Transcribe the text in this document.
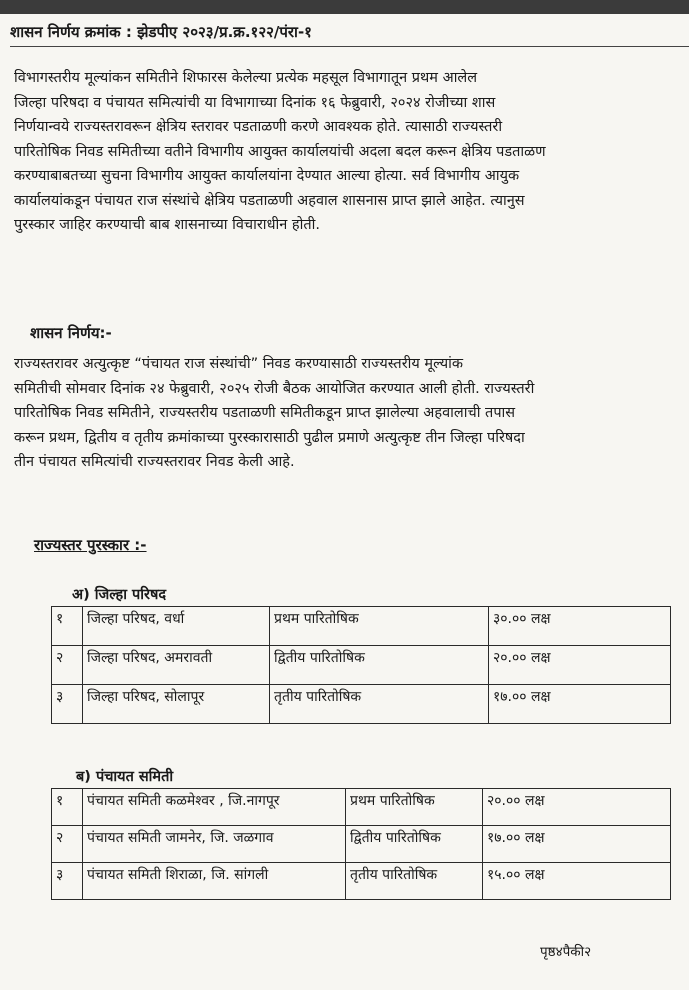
शासन निर्णय क्रमांक : झेडपीए २०२३/प्र.क्र.१२२/पंरा-१

विभागस्तरीय मूल्यांकन समितीने शिफारस केलेल्या प्रत्येक महसूल विभागातून प्रथम आलेल
जिल्हा परिषदा व पंचायत समित्यांची या विभागाच्या दिनांक १६ फेब्रुवारी, २०२४ रोजीच्या शास
निर्णयान्वये राज्यस्तरावरून क्षेत्रिय स्तरावर पडताळणी करणे आवश्यक होते. त्यासाठी राज्यस्तरी
पारितोषिक निवड समितीच्या वतीने विभागीय आयुक्त कार्यालयांची अदला बदल करून क्षेत्रिय पडताळण
करण्याबाबतच्या सुचना विभागीय आयुक्त कार्यालयांना देण्यात आल्या होत्या. सर्व विभागीय आयुक
कार्यालयांकडून पंचायत राज संस्थांचे क्षेत्रिय पडताळणी अहवाल शासनास प्राप्त झाले आहेत. त्यानुस
पुरस्कार जाहिर करण्याची बाब शासनाच्या विचाराधीन होती.

शासन निर्णय:-

राज्यस्तरावर अत्युत्कृष्ट “पंचायत राज संस्थांची” निवड करण्यासाठी राज्यस्तरीय मूल्यांक
समितीची सोमवार दिनांक २४ फेब्रुवारी, २०२५ रोजी बैठक आयोजित करण्यात आली होती. राज्यस्तरी
पारितोषिक निवड समितीने, राज्यस्तरीय पडताळणी समितीकडून प्राप्त झालेल्या अहवालाची तपास
करून प्रथम, द्वितीय व तृतीय क्रमांकाच्या पुरस्कारासाठी पुढील प्रमाणे अत्युत्कृष्ट तीन जिल्हा परिषदा
तीन पंचायत समित्यांची राज्यस्तरावर निवड केली आहे.

राज्यस्तर पुरस्कार :-
अ) जिल्हा परिषद
१	जिल्हा परिषद, वर्धा	प्रथम पारितोषिक	३०.०० लक्ष
२	जिल्हा परिषद, अमरावती	द्वितीय पारितोषिक	२०.०० लक्ष
३	जिल्हा परिषद, सोलापूर	तृतीय पारितोषिक	१७.०० लक्ष
ब) पंचायत समिती
१	पंचायत समिती कळमेश्वर , जि.नागपूर	प्रथम पारितोषिक	२०.०० लक्ष
२	पंचायत समिती जामनेर, जि. जळगाव	द्वितीय पारितोषिक	१७.०० लक्ष
३	पंचायत समिती शिराळा, जि. सांगली	तृतीय पारितोषिक	१५.०० लक्ष
पृष्ठ४पैकी२
